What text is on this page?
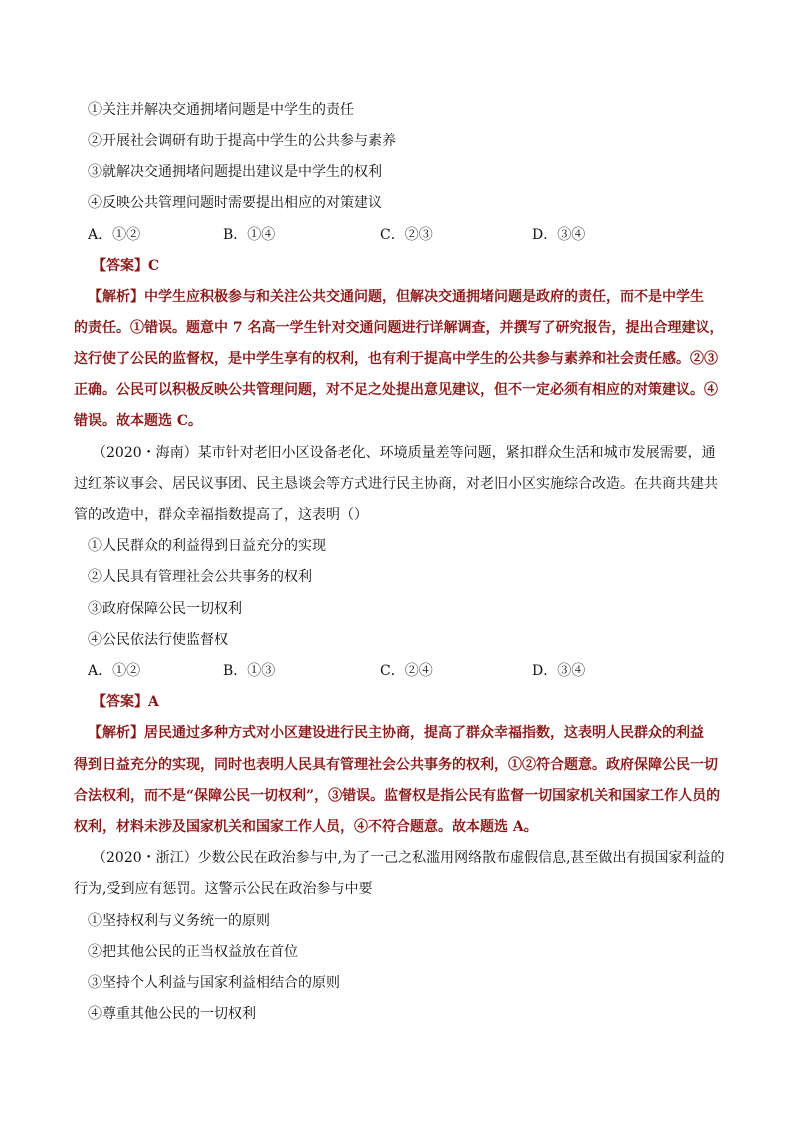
①关注并解决交通拥堵问题是中学生的责任
②开展社会调研有助于提高中学生的公共参与素养
③就解决交通拥堵问题提出建议是中学生的权利
④反映公共管理问题时需要提出相应的对策建议
A．①②	B．①④	C．②③	D．③④
【答案】C
【解析】中学生应积极参与和关注公共交通问题，但解决交通拥堵问题是政府的责任，而不是中学生
的责任。①错误。题意中 7 名高一学生针对交通问题进行详解调查，并撰写了研究报告，提出合理建议，
这行使了公民的监督权，是中学生享有的权利，也有利于提高中学生的公共参与素养和社会责任感。②③
正确。公民可以积极反映公共管理问题，对不足之处提出意见建议，但不一定必须有相应的对策建议。④
错误。故本题选 C。
（2020・海南）某市针对老旧小区设备老化、环境质量差等问题，紧扣群众生活和城市发展需要，通
过红茶议事会、居民议事团、民主恳谈会等方式进行民主协商，对老旧小区实施综合改造。在共商共建共
管的改造中，群众幸福指数提高了，这表明（）
①人民群众的利益得到日益充分的实现
②人民具有管理社会公共事务的权利
③政府保障公民一切权利
④公民依法行使监督权
A．①②	B．①③	C．②④	D．③④
【答案】A
【解析】居民通过多种方式对小区建设进行民主协商，提高了群众幸福指数，这表明人民群众的利益
得到日益充分的实现，同时也表明人民具有管理社会公共事务的权利，①②符合题意。政府保障公民一切
合法权利，而不是“保障公民一切权利”，③错误。监督权是指公民有监督一切国家机关和国家工作人员的
权利，材料未涉及国家机关和国家工作人员，④不符合题意。故本题选 A。
（2020・浙江）少数公民在政治参与中,为了一己之私滥用网络散布虚假信息,甚至做出有损国家利益的
行为,受到应有惩罚。这警示公民在政治参与中要
①坚持权利与义务统一的原则
②把其他公民的正当权益放在首位
③坚持个人利益与国家利益相结合的原则
④尊重其他公民的一切权利
